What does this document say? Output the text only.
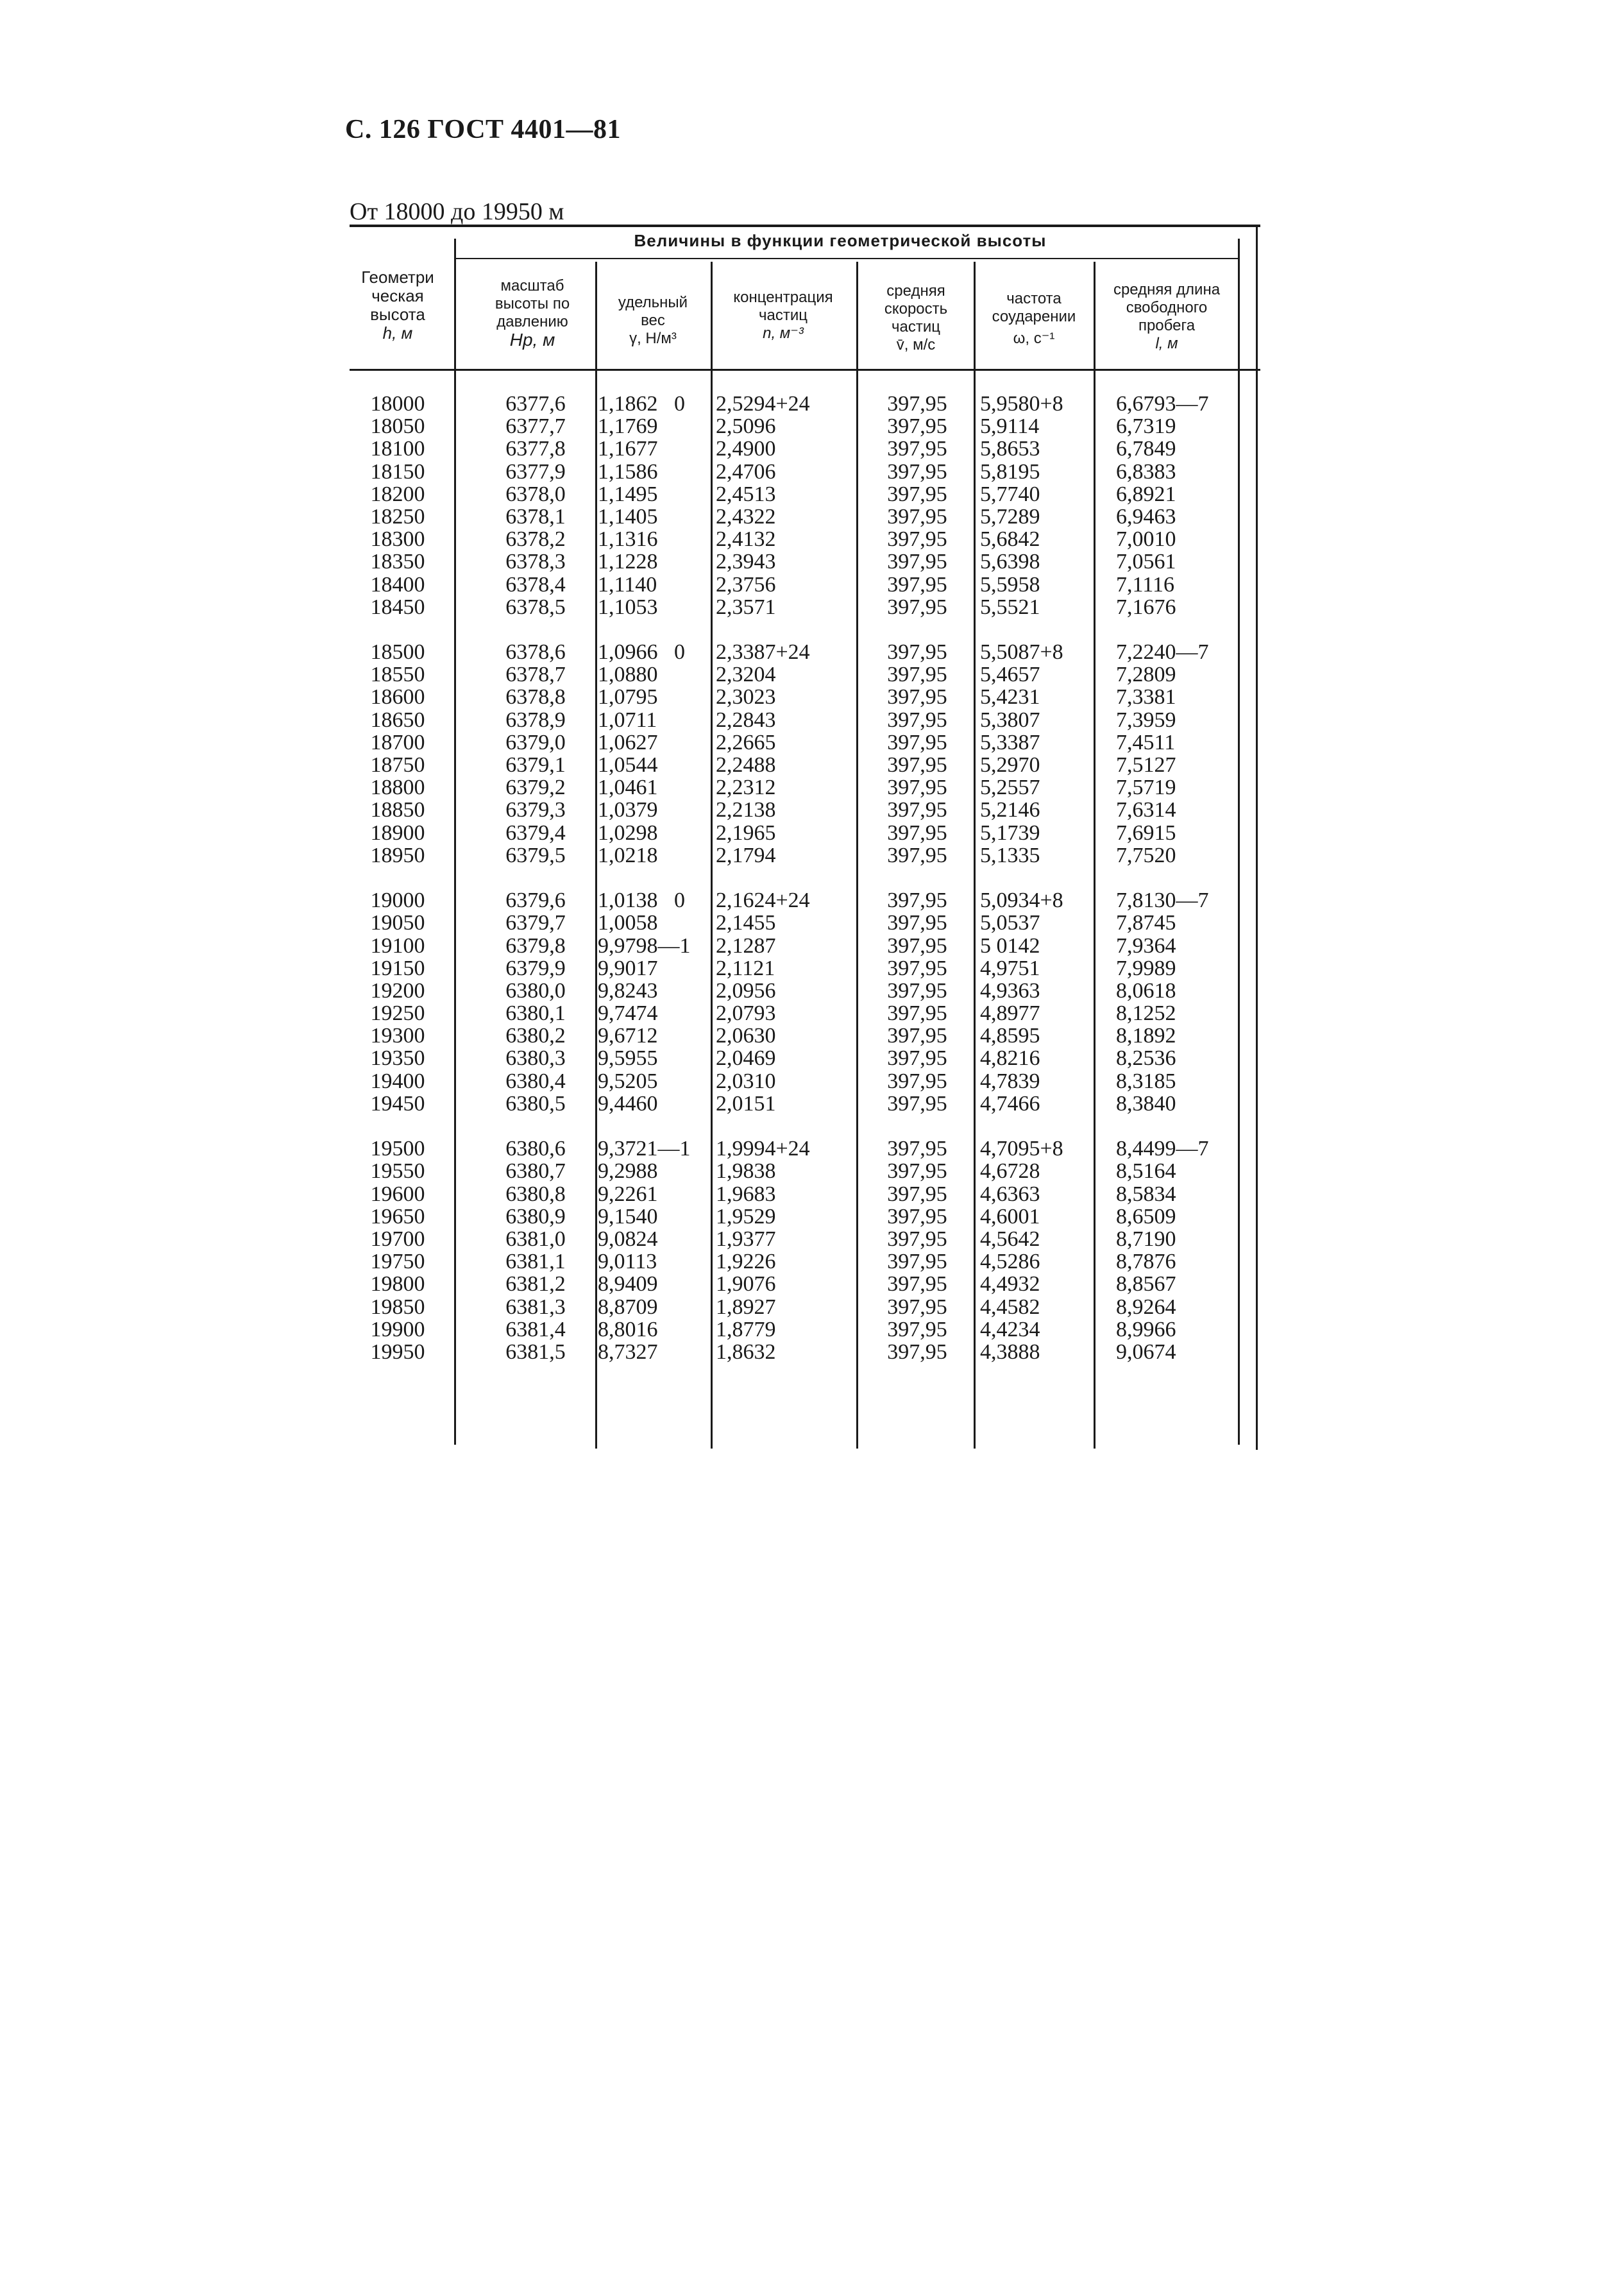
С. 126 ГОСТ 4401—81
От 18000 до 19950 м
Величины в функции геометрической высоты
Геометри
ческая
высота
h, м
масштаб
высоты по
давлению
Hp, м
удельный
вес
γ, Н/м³
концентрация
частиц
n, м⁻³
средняя
скорость
частиц
v̄, м/с
частота
соударении
ω, с⁻¹
средняя длина
свободного
пробега
l, м
18000
18050
18100
18150
18200
18250
18300
18350
18400
18450
18500
18550
18600
18650
18700
18750
18800
18850
18900
18950
19000
19050
19100
19150
19200
19250
19300
19350
19400
19450
19500
19550
19600
19650
19700
19750
19800
19850
19900
19950
6377,6
6377,7
6377,8
6377,9
6378,0
6378,1
6378,2
6378,3
6378,4
6378,5
6378,6
6378,7
6378,8
6378,9
6379,0
6379,1
6379,2
6379,3
6379,4
6379,5
6379,6
6379,7
6379,8
6379,9
6380,0
6380,1
6380,2
6380,3
6380,4
6380,5
6380,6
6380,7
6380,8
6380,9
6381,0
6381,1
6381,2
6381,3
6381,4
6381,5
1,1862   0
1,1769
1,1677
1,1586
1,1495
1,1405
1,1316
1,1228
1,1140
1,1053
1,0966   0
1,0880
1,0795
1,0711
1,0627
1,0544
1,0461
1,0379
1,0298
1,0218
1,0138   0
1,0058
9,9798—1
9,9017
9,8243
9,7474
9,6712
9,5955
9,5205
9,4460
9,3721—1
9,2988
9,2261
9,1540
9,0824
9,0113
8,9409
8,8709
8,8016
8,7327
2,5294+24
2,5096
2,4900
2,4706
2,4513
2,4322
2,4132
2,3943
2,3756
2,3571
2,3387+24
2,3204
2,3023
2,2843
2,2665
2,2488
2,2312
2,2138
2,1965
2,1794
2,1624+24
2,1455
2,1287
2,1121
2,0956
2,0793
2,0630
2,0469
2,0310
2,0151
1,9994+24
1,9838
1,9683
1,9529
1,9377
1,9226
1,9076
1,8927
1,8779
1,8632
397,95
397,95
397,95
397,95
397,95
397,95
397,95
397,95
397,95
397,95
397,95
397,95
397,95
397,95
397,95
397,95
397,95
397,95
397,95
397,95
397,95
397,95
397,95
397,95
397,95
397,95
397,95
397,95
397,95
397,95
397,95
397,95
397,95
397,95
397,95
397,95
397,95
397,95
397,95
397,95
5,9580+8
5,9114
5,8653
5,8195
5,7740
5,7289
5,6842
5,6398
5,5958
5,5521
5,5087+8
5,4657
5,4231
5,3807
5,3387
5,2970
5,2557
5,2146
5,1739
5,1335
5,0934+8
5,0537
5 0142
4,9751
4,9363
4,8977
4,8595
4,8216
4,7839
4,7466
4,7095+8
4,6728
4,6363
4,6001
4,5642
4,5286
4,4932
4,4582
4,4234
4,3888
6,6793—7
6,7319
6,7849
6,8383
6,8921
6,9463
7,0010
7,0561
7,1116
7,1676
7,2240—7
7,2809
7,3381
7,3959
7,4511
7,5127
7,5719
7,6314
7,6915
7,7520
7,8130—7
7,8745
7,9364
7,9989
8,0618
8,1252
8,1892
8,2536
8,3185
8,3840
8,4499—7
8,5164
8,5834
8,6509
8,7190
8,7876
8,8567
8,9264
8,9966
9,0674
